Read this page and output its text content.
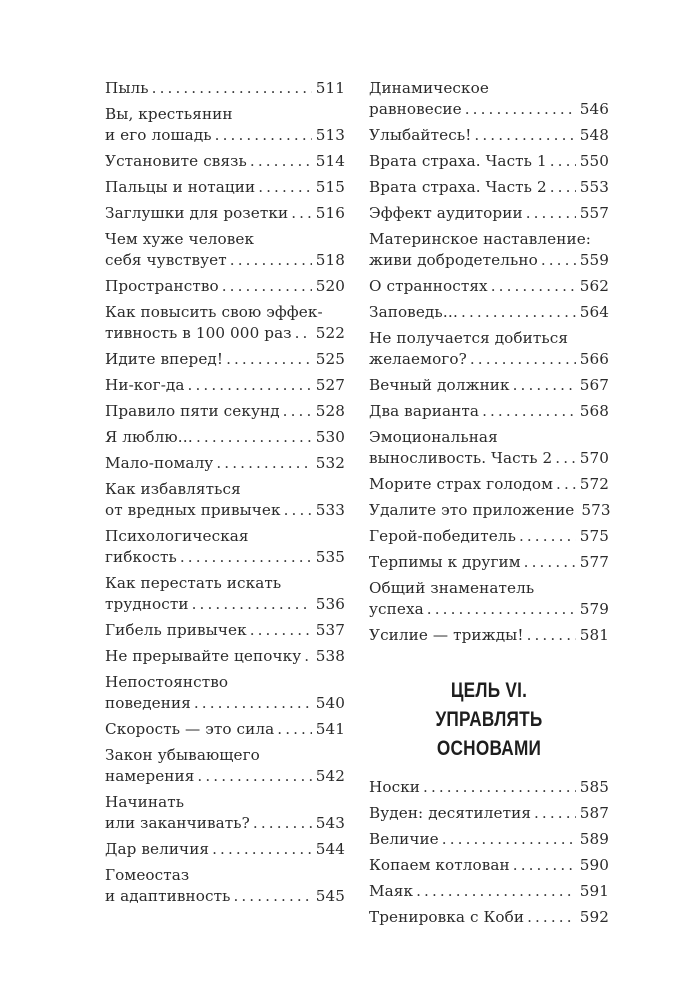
Пыль .....	511
Вы, крестьянин
и его лошадь .....	513
Установите связь .....	514
Пальцы и нотации .....	515
Заглушки для розетки ..... 516
Чем хуже человек
себя чувствует .....	518
Пространство .....	520
Как повысить свою эффек-
тивность в 100 000 раз ..... 522
Идите вперед! .....	525
Ни-ког-да .....	527
Правило пяти секунд ..... 528
Я люблю… .....	530
Мало-помалу .....	532
Как избавляться
от вредных привычек ..... 533
Психологическая
гибкость .....	535
Как перестать искать
трудности .....	536
Гибель привычек .....	537
Не прерывайте цепочку ..... 538
Непостоянство
поведения .....	540
Скорость — это сила .....	541
Закон убывающего
намерения .....	542
Начинать
или заканчивать? .....	543
Дар величия .....	544
Гомеостаз
и адаптивность .....	545
Динамическое
равновесие .....	546
Улыбайтесь! .....	548
Врата страха. Часть 1 ..... 550
Врата страха. Часть 2 ..... 553
Эффект аудитории .....	557
Материнское наставление:
живи добродетельно .....	559
О странностях .....	562
Заповедь… .....	564
Не получается добиться
желаемого? .....	566
Вечный должник .....	567
Два варианта .....	568
Эмоциональная
выносливость. Часть 2 ..... 570
Морите страх голодом ..... 572
Удалите это приложение 573
Герой-победитель .....	575
Терпимы к другим .....	577
Общий знаменатель
успеха .....	579
Усилие — трижды! .....	581
ЦЕЛЬ VI.
УПРАВЛЯТЬ ОСНОВАМИ
Носки .....	585
Вуден: десятилетия .....	587
Величие .....	589
Копаем котлован .....	590
Маяк .....	591
Тренировка с Коби .....	592
